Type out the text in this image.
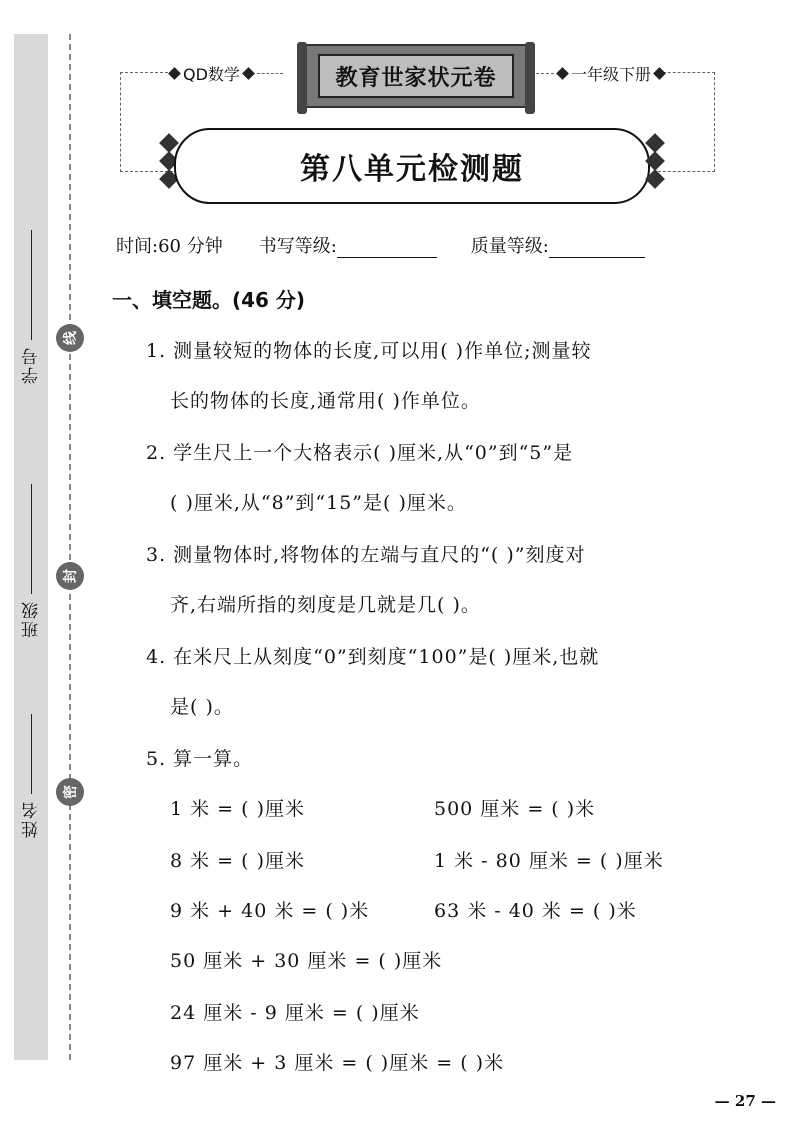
学号
班级
姓名
线
封
密
QD数学	教育世家状元卷	一年级下册
第八单元检测题
时间:60 分钟 书写等级:	质量等级:
一、填空题。(46 分)
1. 测量较短的物体的长度,可以用( )作单位;测量较
长的物体的长度,通常用( )作单位。
2. 学生尺上一个大格表示( )厘米,从“0”到“5”是
( )厘米,从“8”到“15”是( )厘米。
3. 测量物体时,将物体的左端与直尺的“( )”刻度对
齐,右端所指的刻度是几就是几( )。
4. 在米尺上从刻度“0”到刻度“100”是( )厘米,也就
是( )。
5. 算一算。
1 米 = ( )厘米	500 厘米 = ( )米
8 米 = ( )厘米	1 米 - 80 厘米 = ( )厘米
9 米 + 40 米 = ( )米	63 米 - 40 米 = ( )米
50 厘米 + 30 厘米 = ( )厘米
24 厘米 - 9 厘米 = ( )厘米
97 厘米 + 3 厘米 = ( )厘米 = ( )米
— 27 —
